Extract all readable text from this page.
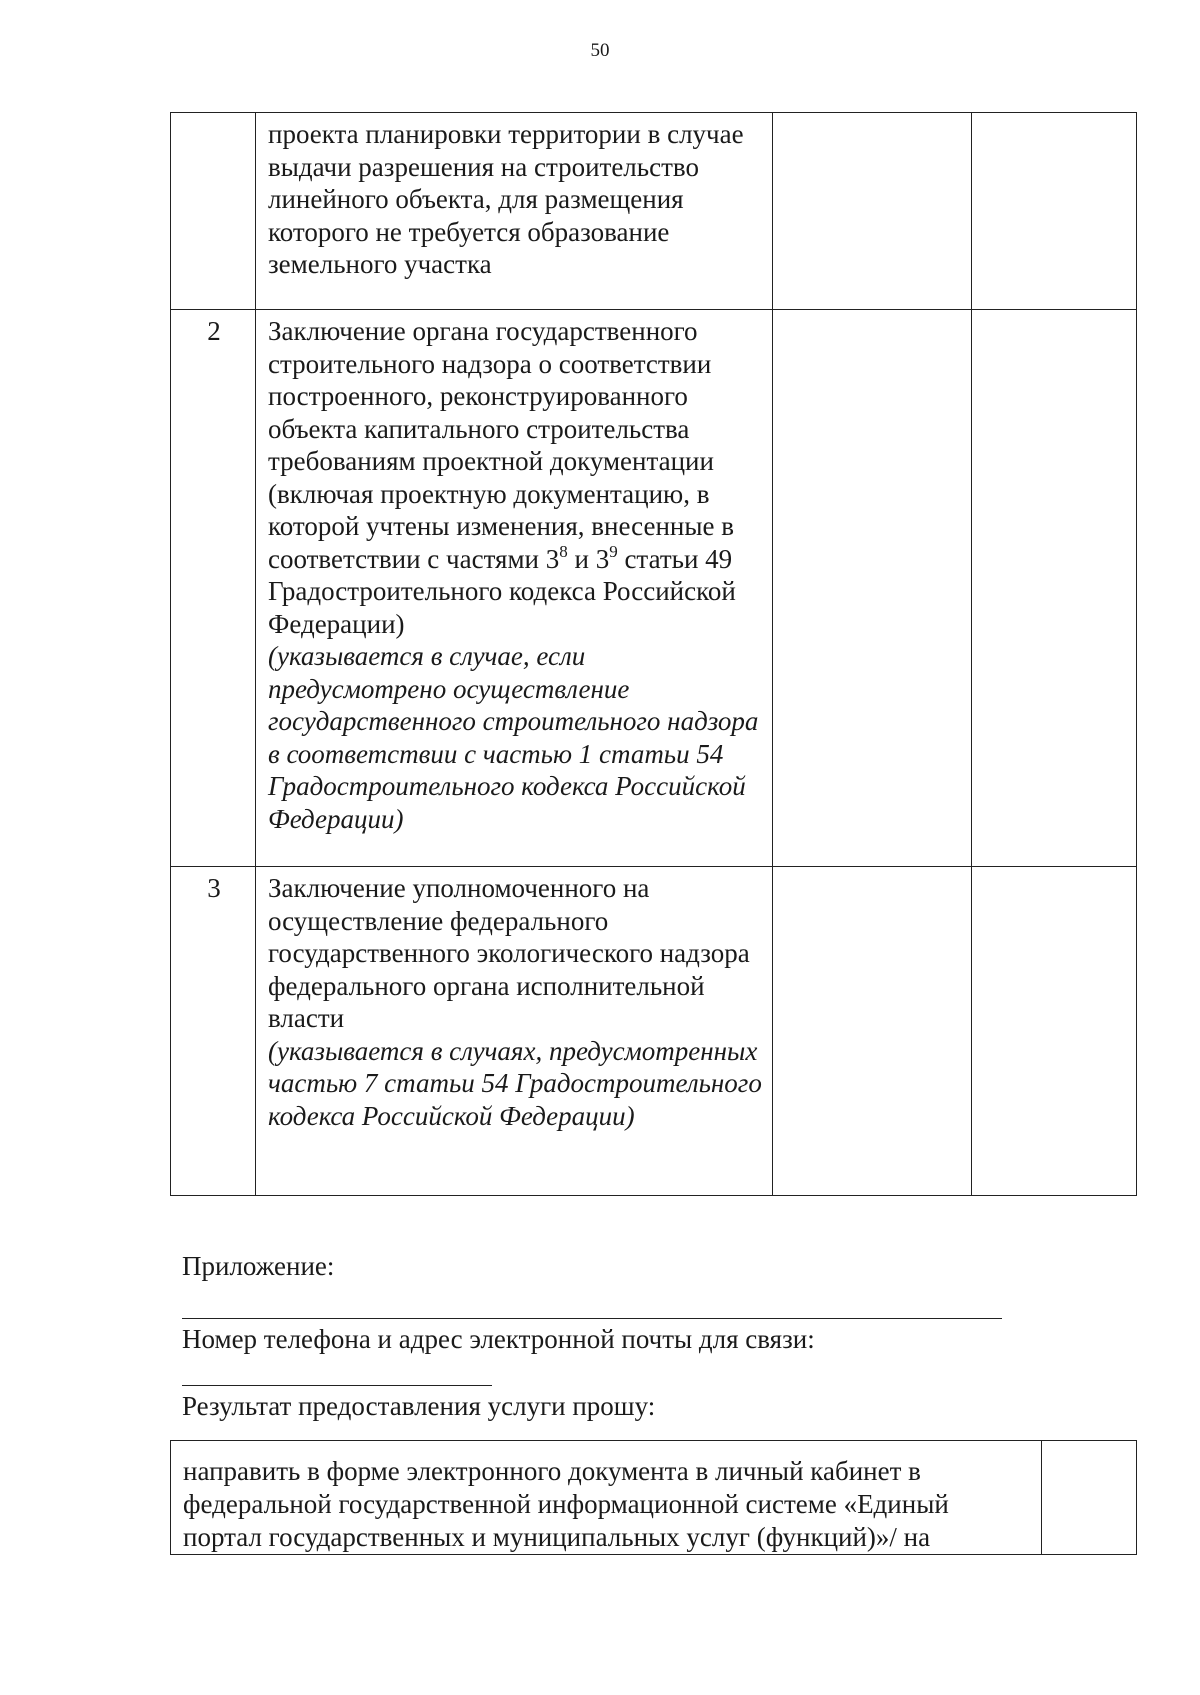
50
	проекта планировки территории в случае выдачи разрешения на строительство линейного объекта, для размещения которого не требуется образование земельного участка		
2	Заключение органа государственного строительного надзора о соответствии построенного, реконструированного объекта капитального строительства требованиям проектной документации (включая проектную документацию, в которой учтены изменения, внесенные в соответствии с частями $3^8$ и $3^9$ статьи 49 Градостроительного кодекса Российской Федерации)
(указывается в случае, если предусмотрено осуществление государственного строительного надзора в соответствии с частью 1 статьи 54 Градостроительного кодекса Российской Федерации)		

3	Заключение уполномоченного на осуществление федерального государственного экологического надзора федерального органа исполнительной власти
(указывается в случаях, предусмотренных частью 7 статьи 54 Градостроительного кодекса Российской Федерации)		

Приложение:

Номер телефона и адрес электронной почты для связи:

Результат предоставления услуги прошу:

направить в форме электронного документа в личный кабинет в федеральной государственной информационной системе «Единый портал государственных и муниципальных услуг (функций)»/ на	
